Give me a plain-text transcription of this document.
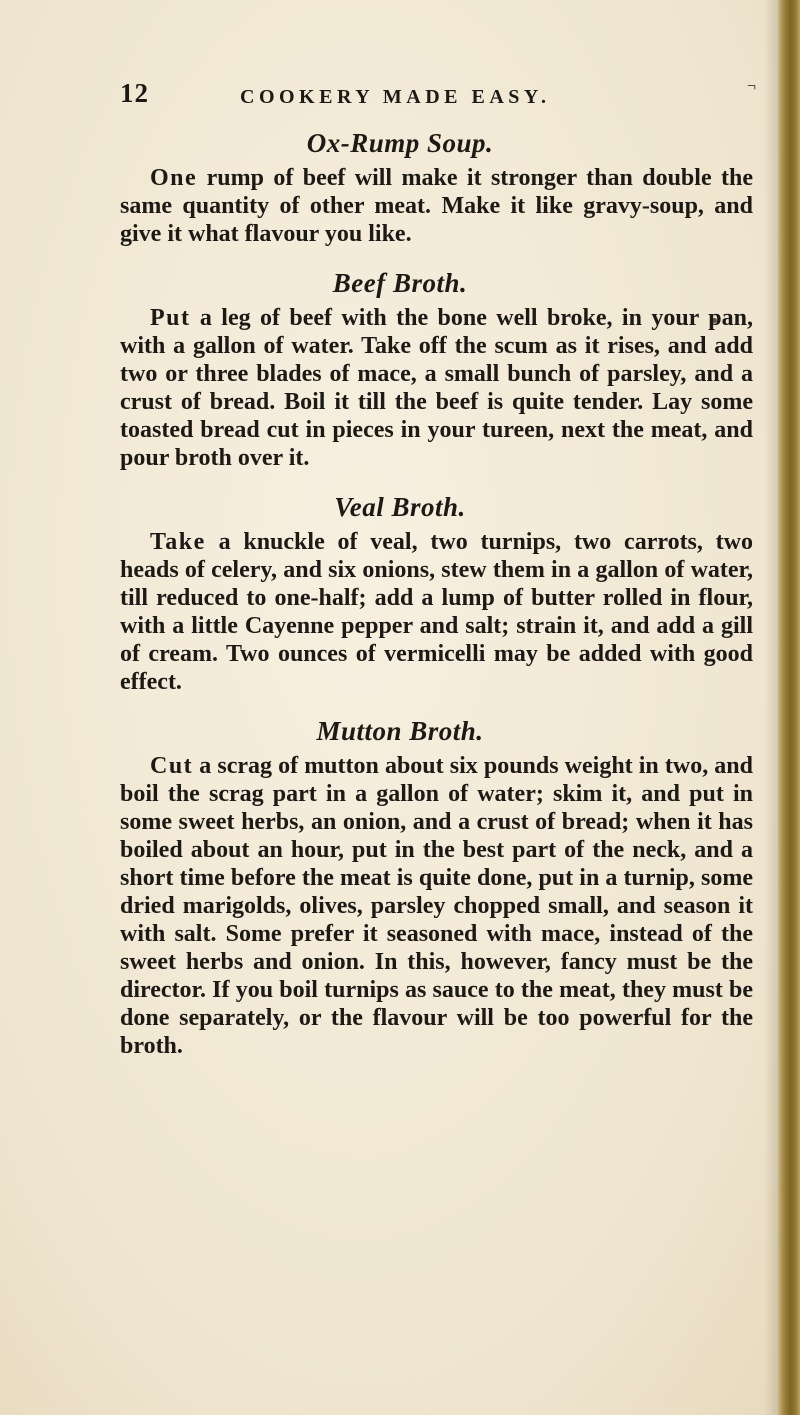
12	COOKERY MADE EASY.	¬
Ox-Rump Soup.

One rump of beef will make it stronger than double the same quantity of other meat. Make it like gravy-soup, and give it what flavour you like.

Beef Broth.

Put a leg of beef with the bone well broke, in your pan, with a gallon of water. Take off the scum as it rises, and add two or three blades of mace, a small bunch of parsley, and a crust of bread. Boil it till the beef is quite tender. Lay some toasted bread cut in pieces in your tureen, next the meat, and pour broth over it.

Veal Broth.

Take a knuckle of veal, two turnips, two carrots, two heads of celery, and six onions, stew them in a gallon of water, till reduced to one-half; add a lump of butter rolled in flour, with a little Cayenne pepper and salt; strain it, and add a gill of cream. Two ounces of vermicelli may be added with good effect.

Mutton Broth.

Cut a scrag of mutton about six pounds weight in two, and boil the scrag part in a gallon of water; skim it, and put in some sweet herbs, an onion, and a crust of bread; when it has boiled about an hour, put in the best part of the neck, and a short time before the meat is quite done, put in a turnip, some dried marigolds, olives, parsley chopped small, and season it with salt. Some prefer it seasoned with mace, instead of the sweet herbs and onion. In this, however, fancy must be the director. If you boil turnips as sauce to the meat, they must be done separately, or the flavour will be too powerful for the broth.
